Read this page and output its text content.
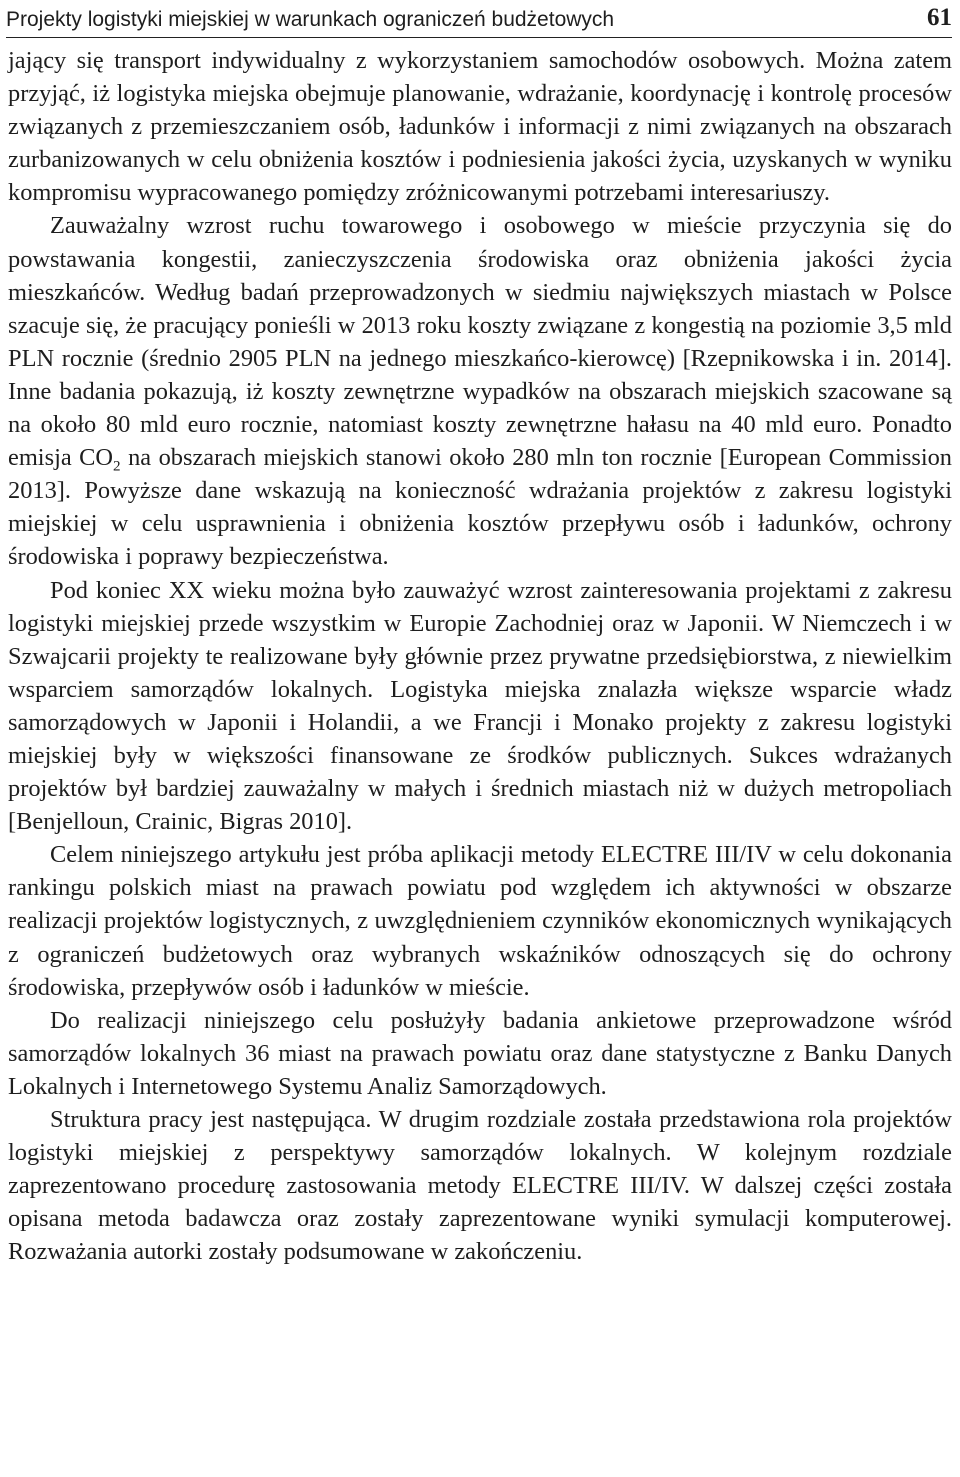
Projekty logistyki miejskiej w warunkach ograniczeń budżetowych	61

jający się transport indywidualny z wykorzystaniem samochodów osobowych. Można zatem przyjąć, iż logistyka miejska obejmuje planowanie, wdrażanie, koordynację i kontrolę procesów związanych z przemieszczaniem osób, ładunków i informacji z nimi związanych na obszarach zurbanizowanych w celu obniżenia kosztów i podniesienia jakości życia, uzyskanych w wyniku kompromisu wypracowanego pomiędzy zróżnicowanymi potrzebami interesariuszy.

Zauważalny wzrost ruchu towarowego i osobowego w mieście przyczynia się do powstawania kongestii, zanieczyszczenia środowiska oraz obniżenia jakości życia mieszkańców. Według badań przeprowadzonych w siedmiu największych miastach w Polsce szacuje się, że pracujący ponieśli w 2013 roku koszty związane z kongestią na poziomie 3,5 mld PLN rocznie (średnio 2905 PLN na jednego mieszkańco-kierowcę) [Rzepnikowska i in. 2014]. Inne badania pokazują, iż koszty zewnętrzne wypadków na obszarach miejskich szacowane są na około 80 mld euro rocznie, natomiast koszty zewnętrzne hałasu na 40 mld euro. Ponadto emisja $CO_2$ na obszarach miejskich stanowi około 280 mln ton rocznie [European Commission 2013]. Powyższe dane wskazują na konieczność wdrażania projektów z zakresu logistyki miejskiej w celu usprawnienia i obniżenia kosztów przepływu osób i ładunków, ochrony środowiska i poprawy bezpieczeństwa.

Pod koniec XX wieku można było zauważyć wzrost zainteresowania projektami z zakresu logistyki miejskiej przede wszystkim w Europie Zachodniej oraz w Japonii. W Niemczech i w Szwajcarii projekty te realizowane były głównie przez prywatne przedsiębiorstwa, z niewielkim wsparciem samorządów lokalnych. Logistyka miejska znalazła większe wsparcie władz samorządowych w Japonii i Holandii, a we Francji i Monako projekty z zakresu logistyki miejskiej były w większości finansowane ze środków publicznych. Sukces wdrażanych projektów był bardziej zauważalny w małych i średnich miastach niż w dużych metropoliach [Benjelloun, Crainic, Bigras 2010].

Celem niniejszego artykułu jest próba aplikacji metody ELECTRE III/IV w celu dokonania rankingu polskich miast na prawach powiatu pod względem ich aktywności w obszarze realizacji projektów logistycznych, z uwzględnieniem czynników ekonomicznych wynikających z ograniczeń budżetowych oraz wybranych wskaźników odnoszących się do ochrony środowiska, przepływów osób i ładunków w mieście.

Do realizacji niniejszego celu posłużyły badania ankietowe przeprowadzone wśród samorządów lokalnych 36 miast na prawach powiatu oraz dane statystyczne z Banku Danych Lokalnych i Internetowego Systemu Analiz Samorządowych.

Struktura pracy jest następująca. W drugim rozdziale została przedstawiona rola projektów logistyki miejskiej z perspektywy samorządów lokalnych. W kolejnym rozdziale zaprezentowano procedurę zastosowania metody ELECTRE III/IV. W dalszej części została opisana metoda badawcza oraz zostały zaprezentowane wyniki symulacji komputerowej. Rozważania autorki zostały podsumowane w zakończeniu.
